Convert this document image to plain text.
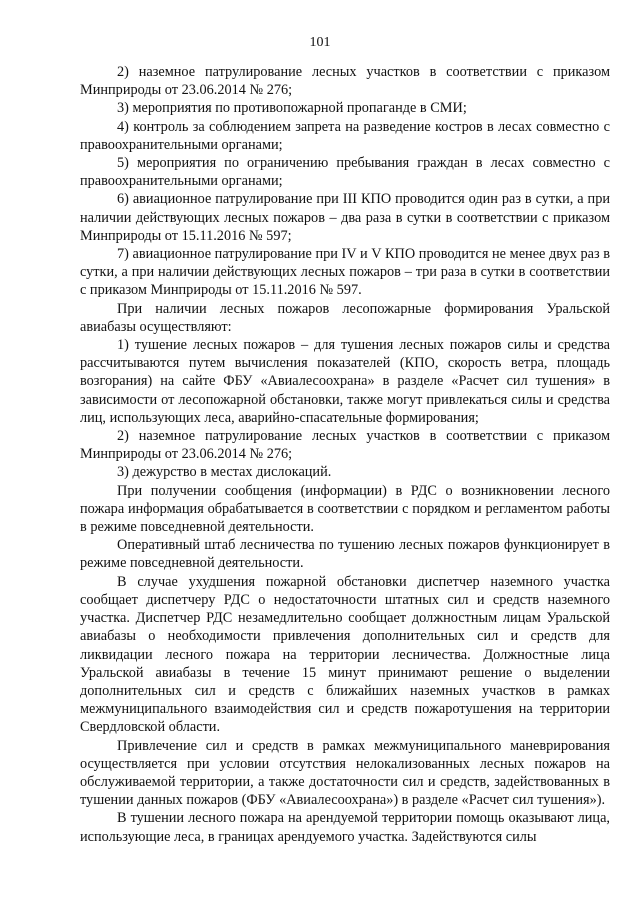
101

2) наземное патрулирование лесных участков в соответствии с приказом Минприроды от 23.06.2014 № 276;

3) мероприятия по противопожарной пропаганде в СМИ;

4) контроль за соблюдением запрета на разведение костров в лесах совместно с правоохранительными органами;

5) мероприятия по ограничению пребывания граждан в лесах совместно с правоохранительными органами;

6) авиационное патрулирование при III КПО проводится один раз в сутки, а при наличии действующих лесных пожаров – два раза в сутки в соответствии с приказом Минприроды от 15.11.2016 № 597;

7) авиационное патрулирование при IV и V КПО проводится не менее двух раз в сутки, а при наличии действующих лесных пожаров – три раза в сутки в соответствии с приказом Минприроды от 15.11.2016 № 597.

При наличии лесных пожаров лесопожарные формирования Уральской авиабазы осуществляют:

1) тушение лесных пожаров – для тушения лесных пожаров силы и средства рассчитываются путем вычисления показателей (КПО, скорость ветра, площадь возгорания) на сайте ФБУ «Авиалесоохрана» в разделе «Расчет сил тушения» в зависимости от лесопожарной обстановки, также могут привлекаться силы и средства лиц, использующих леса, аварийно-спасательные формирования;

2) наземное патрулирование лесных участков в соответствии с приказом Минприроды от 23.06.2014 № 276;

3) дежурство в местах дислокаций.

При получении сообщения (информации) в РДС о возникновении лесного пожара информация обрабатывается в соответствии с порядком и регламентом работы в режиме повседневной деятельности.

Оперативный штаб лесничества по тушению лесных пожаров функционирует в режиме повседневной деятельности.

В случае ухудшения пожарной обстановки диспетчер наземного участка сообщает диспетчеру РДС о недостаточности штатных сил и средств наземного участка. Диспетчер РДС незамедлительно сообщает должностным лицам Уральской авиабазы о необходимости привлечения дополнительных сил и средств для ликвидации лесного пожара на территории лесничества. Должностные лица Уральской авиабазы в течение 15 минут принимают решение о выделении дополнительных сил и средств с ближайших наземных участков в рамках межмуниципального взаимодействия сил и средств пожаротушения на территории Свердловской области.

Привлечение сил и средств в рамках межмуниципального маневрирования осуществляется при условии отсутствия нелокализованных лесных пожаров на обслуживаемой территории, а также достаточности сил и средств, задействованных в тушении данных пожаров (ФБУ «Авиалесоохрана») в разделе «Расчет сил тушения»).

В тушении лесного пожара на арендуемой территории помощь оказывают лица, использующие леса, в границах арендуемого участка. Задействуются силы
